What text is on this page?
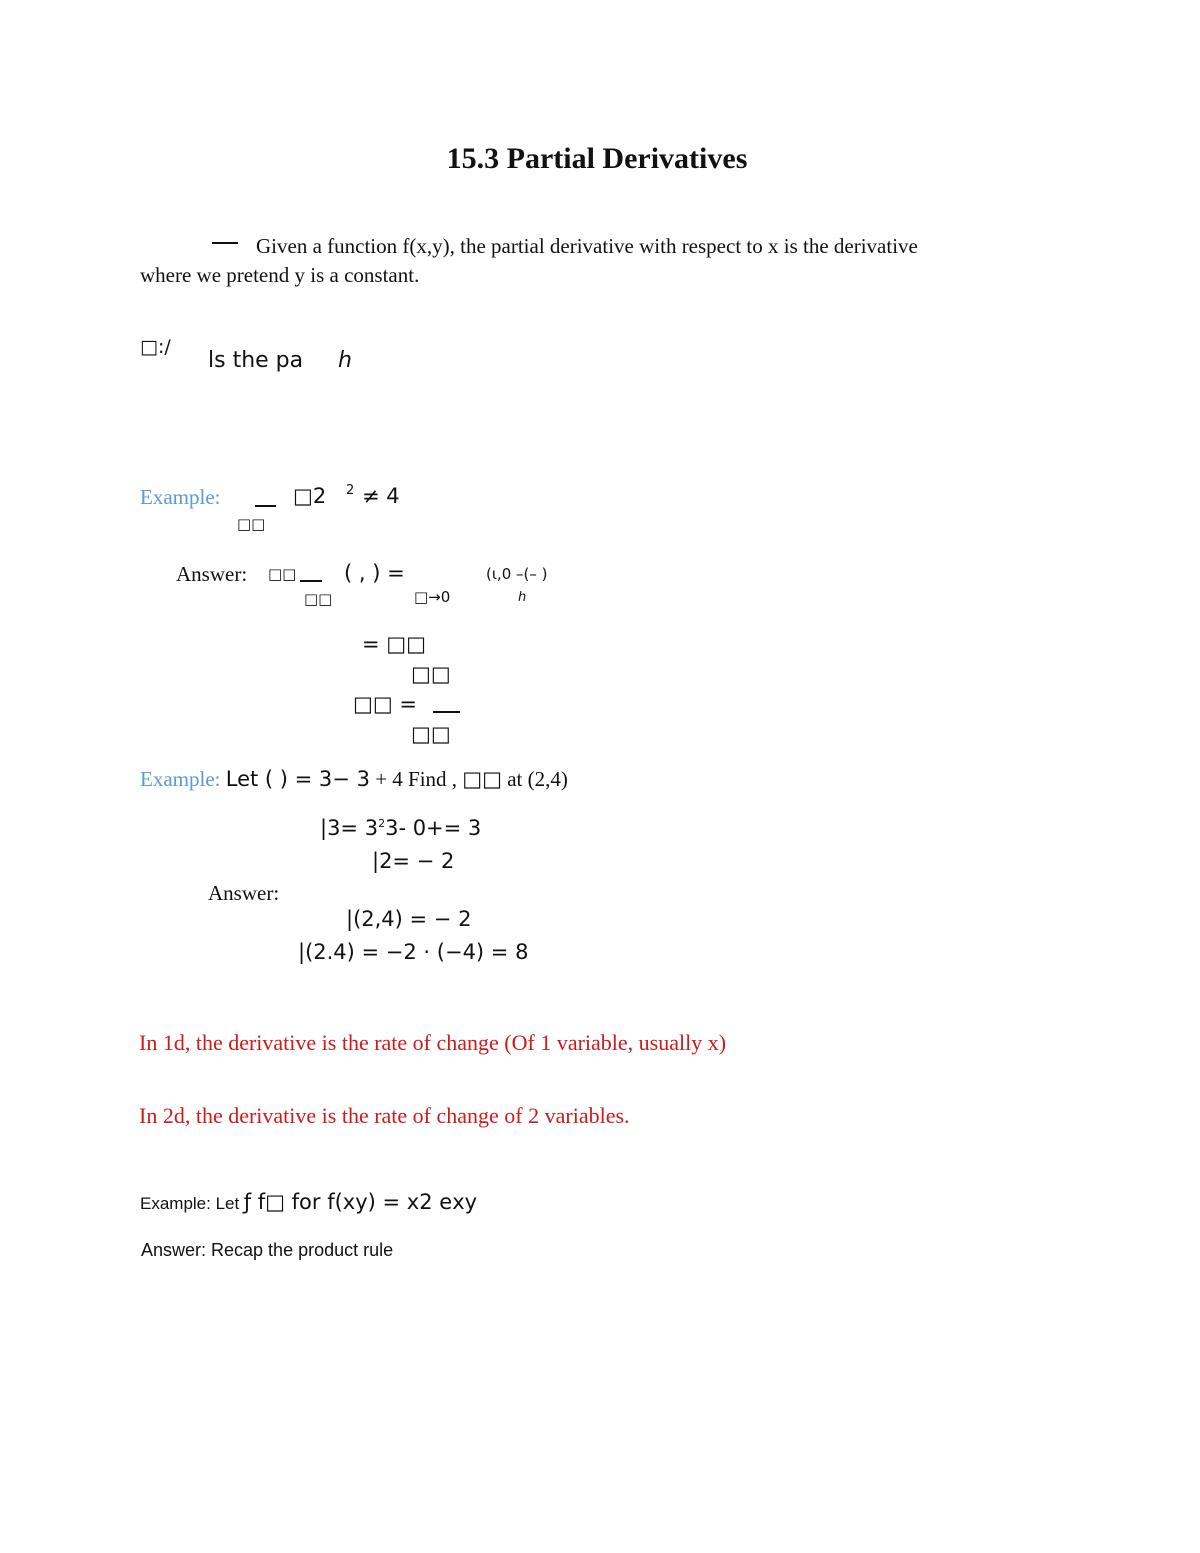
15.3 Partial Derivatives
Given a function f(x,y), the partial derivative with respect to x is the derivative
where we pretend y is a constant.
□:/
ls the pa h
Example:	□2 2 ≠ 4
□□
Answer: □□
□□
( , ) =
□→0
(ι,0 –(– )
h
= □□
□□
□□ =
□□
Example: Let ( ) = $^3$− $^3$ + 4 Find , □□ at (2,4)
$|3= 3^23-$ 0+= 3
|2= − 2
Answer:
|(2,4) = − 2
|(2.4) = −2 · (−4) = 8
In 1d, the derivative is the rate of change (Of 1 variable, usually x)
In 2d, the derivative is the rate of change of 2 variables.
Example: Let ƒ f□ for $f(xy) = x^2$ $e^{xy}$
Answer: Recap the product rule
